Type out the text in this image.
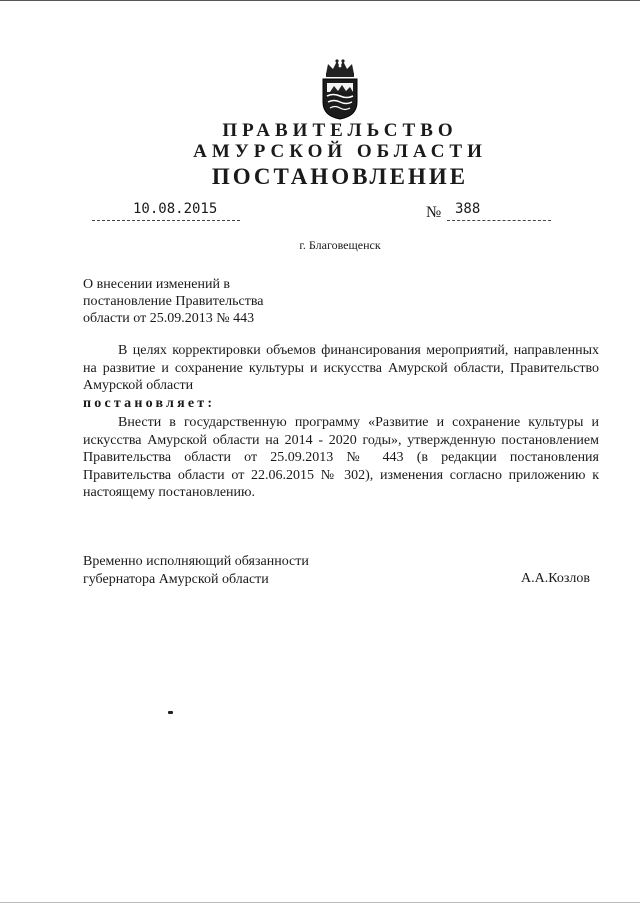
ПРАВИТЕЛЬСТВО
АМУРСКОЙ ОБЛАСТИ
ПОСТАНОВЛЕНИЕ
10.08.2015	№ 388
г. Благовещенск
О внесении изменений в
постановление Правительства
области от 25.09.2013 № 443
В целях корректировки объемов финансирования мероприятий, направленных на развитие и сохранение культуры и искусства Амурской области, Правительство Амурской области
постановляет:
Внести в государственную программу «Развитие и сохранение культуры и искусства Амурской области на 2014 - 2020 годы», утвержденную постановлением Правительства области от 25.09.2013 № 443 (в редакции постановления Правительства области от 22.06.2015 № 302), изменения согласно приложению к настоящему постановлению.
Временно исполняющий обязанности
губернатора Амурской области	А.А.Козлов
